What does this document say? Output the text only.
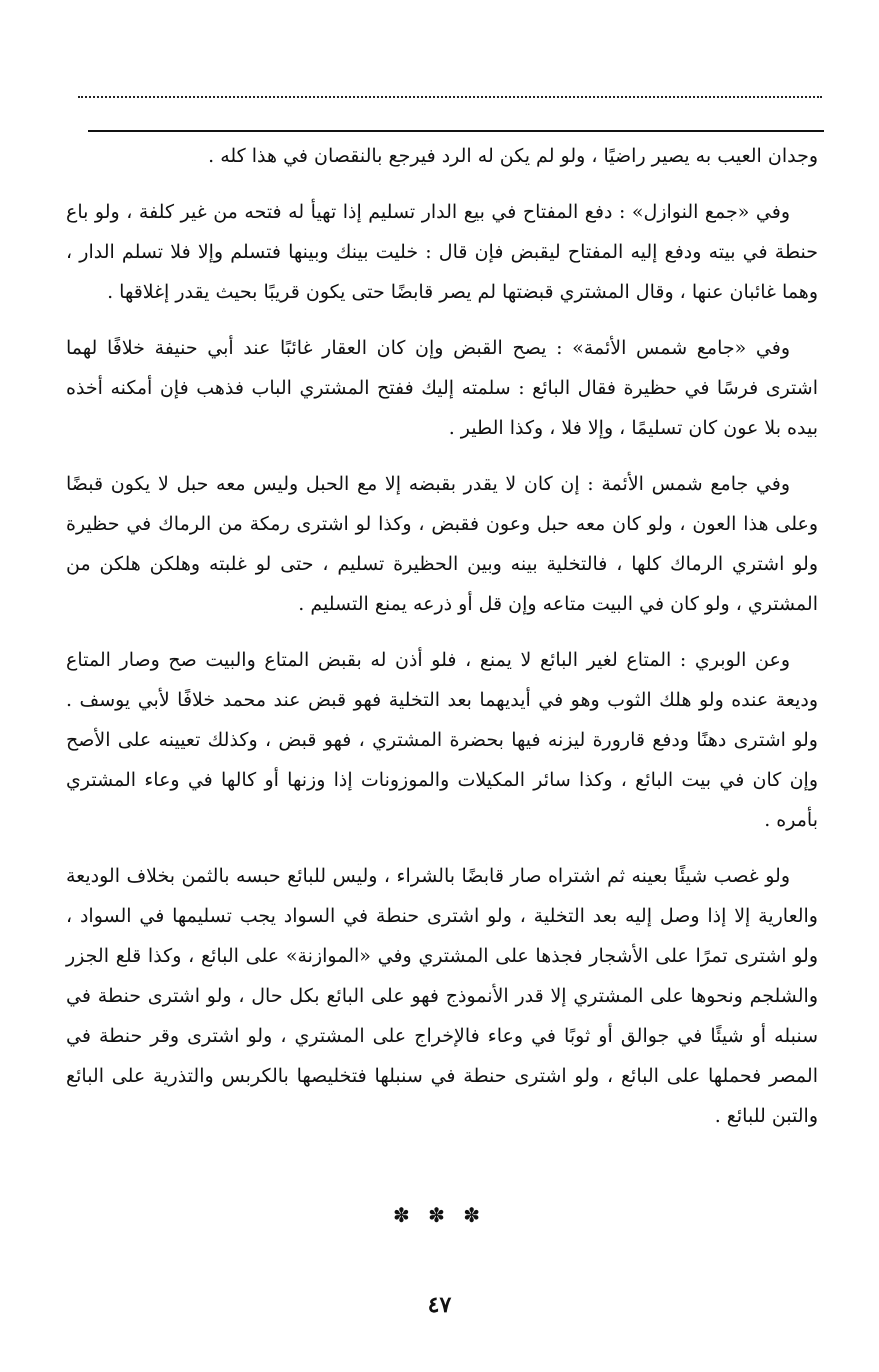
وجدان العيب به يصير راضيًا ، ولو لم يكن له الرد فيرجع بالنقصان في هذا كله .

وفي «جمع النوازل» : دفع المفتاح في بيع الدار تسليم إذا تهيأ له فتحه من غير كلفة ، ولو باع حنطة في بيته ودفع إليه المفتاح ليقبض فإن قال : خليت بينك وبينها فتسلم وإلا فلا تسلم الدار ، وهما غائبان عنها ، وقال المشتري قبضتها لم يصر قابضًا حتى يكون قريبًا بحيث يقدر إغلاقها .

وفي «جامع شمس الأئمة» : يصح القبض وإن كان العقار غائبًا عند أبي حنيفة خلافًا لهما اشترى فرسًا في حظيرة فقال البائع : سلمته إليك ففتح المشتري الباب فذهب فإن أمكنه أخذه بيده بلا عون كان تسليمًا ، وإلا فلا ، وكذا الطير .

وفي جامع شمس الأئمة : إن كان لا يقدر بقبضه إلا مع الحبل وليس معه حبل لا يكون قبضًا وعلى هذا العون ، ولو كان معه حبل وعون فقبض ، وكذا لو اشترى رمكة من الرماك في حظيرة ولو اشتري الرماك كلها ، فالتخلية بينه وبين الحظيرة تسليم ، حتى لو غلبته وهلكن هلكن من المشتري ، ولو كان في البيت متاعه وإن قل أو ذرعه يمنع التسليم .

وعن الوبري : المتاع لغير البائع لا يمنع ، فلو أذن له بقبض المتاع والبيت صح وصار المتاع وديعة عنده ولو هلك الثوب وهو في أيديهما بعد التخلية فهو قبض عند محمد خلافًا لأبي يوسف . ولو اشترى دهنًا ودفع قارورة ليزنه فيها بحضرة المشتري ، فهو قبض ، وكذلك تعيينه على الأصح وإن كان في بيت البائع ، وكذا سائر المكيلات والموزونات إذا وزنها أو كالها في وعاء المشتري بأمره .

ولو غصب شيئًا بعينه ثم اشتراه صار قابضًا بالشراء ، وليس للبائع حبسه بالثمن بخلاف الوديعة والعارية إلا إذا وصل إليه بعد التخلية ، ولو اشترى حنطة في السواد يجب تسليمها في السواد ، ولو اشترى تمرًا على الأشجار فجذها على المشتري وفي «الموازنة» على البائع ، وكذا قلع الجزر والشلجم ونحوها على المشتري إلا قدر الأنموذج فهو على البائع بكل حال ، ولو اشترى حنطة في سنبله أو شيئًا في جوالق أو ثوبًا في وعاء فالإخراج على المشتري ، ولو اشترى وقر حنطة في المصر فحملها على البائع ، ولو اشترى حنطة في سنبلها فتخليصها بالكربس والتذرية على البائع والتبن للبائع .

✽ ✽ ✽
٤٧
